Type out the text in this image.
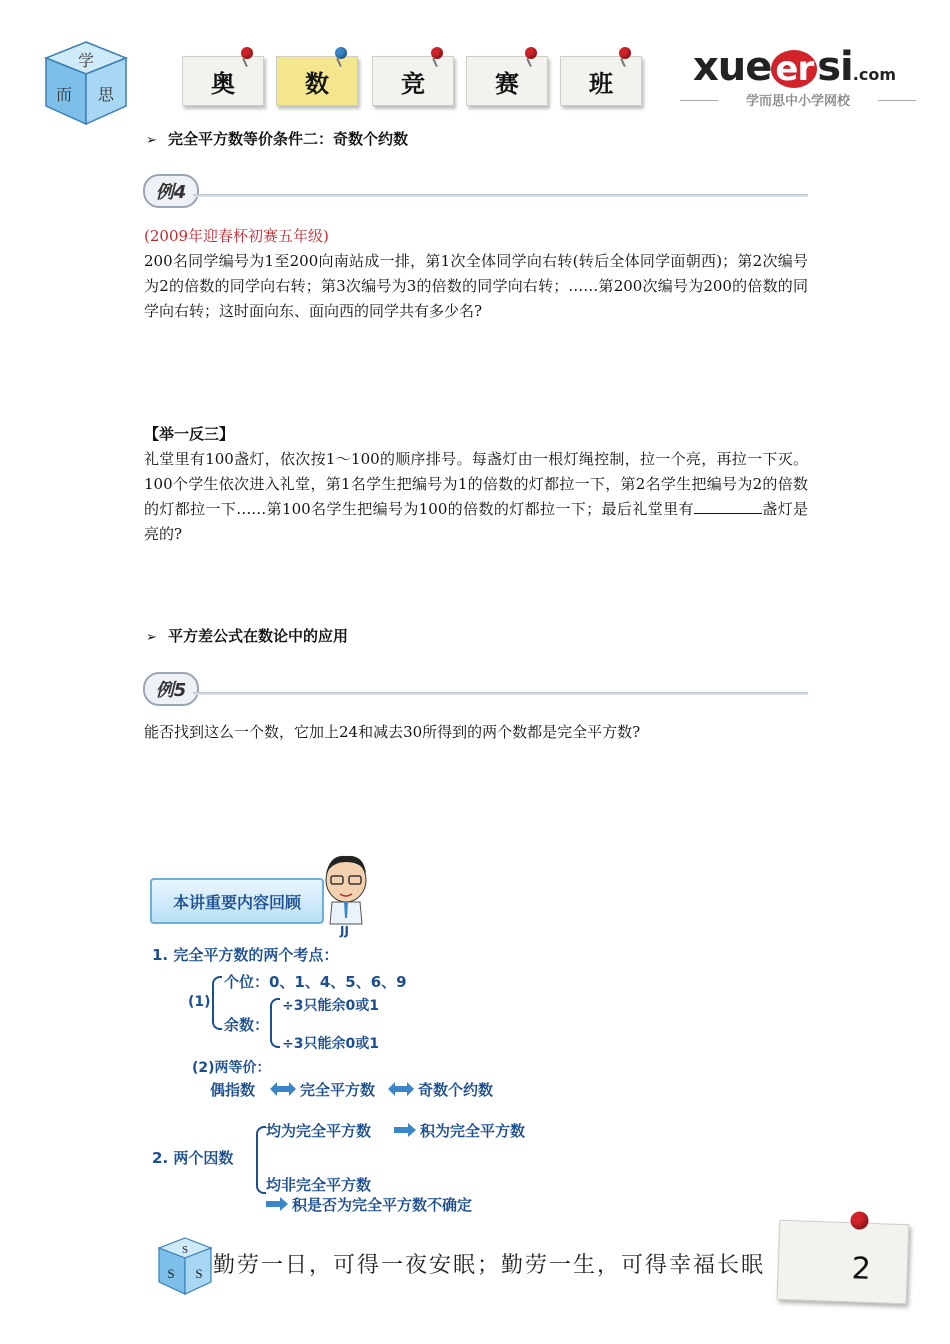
学
而 思	奥	数	竞	赛	班 xue er si.com
学而思中小学网校
➢ 完全平方数等价条件二：奇数个约数
例4
(2009年迎春杯初赛五年级)
200名同学编号为1至200向南站成一排，第1次全体同学向右转(转后全体同学面朝西)；第2次编号为2的倍数的同学向右转；第3次编号为3的倍数的同学向右转；……第200次编号为200的倍数的同学向右转；这时面向东、面向西的同学共有多少名?
【举一反三】
礼堂里有100盏灯，依次按1～100的顺序排号。每盏灯由一根灯绳控制，拉一个亮，再拉一下灭。100个学生依次进入礼堂，第1名学生把编号为1的倍数的灯都拉一下，第2名学生把编号为2的倍数的灯都拉一下……第100名学生把编号为100的倍数的灯都拉一下；最后礼堂里有	盏灯是亮的?
➢ 平方差公式在数论中的应用
例5
能否找到这么一个数，它加上24和减去30所得到的两个数都是完全平方数?
本讲重要内容回顾
JJ
1. 完全平方数的两个考点：
(1)
个位：0、1、4、5、6、9
余数：
÷3只能余0或1
÷3只能余0或1
(2)两等价：
偶指数	完全平方数	奇数个约数
2. 两个因数
均为完全平方数	积为完全平方数
均非完全平方数
积是否为完全平方数不确定
S
S S 勤劳一日，可得一夜安眠；勤劳一生，可得幸福长眠	2
